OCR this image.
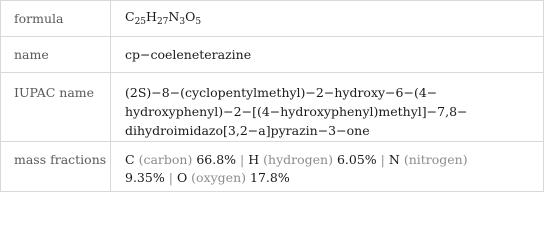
formula	$C_{25}H_{27}N_3O_5$
name	cp−coeleneterazine
IUPAC name	(2S)−8−(cyclopentylmethyl)−2−hydroxy−6−(4−
hydroxyphenyl)−2−[(4−hydroxyphenyl)methyl]−7,8−
dihydroimidazo[3,2−a]pyrazin−3−one

mass fractions	C (carbon) 66.8% | H (hydrogen) 6.05% | N (nitrogen)
9.35% | O (oxygen) 17.8%
